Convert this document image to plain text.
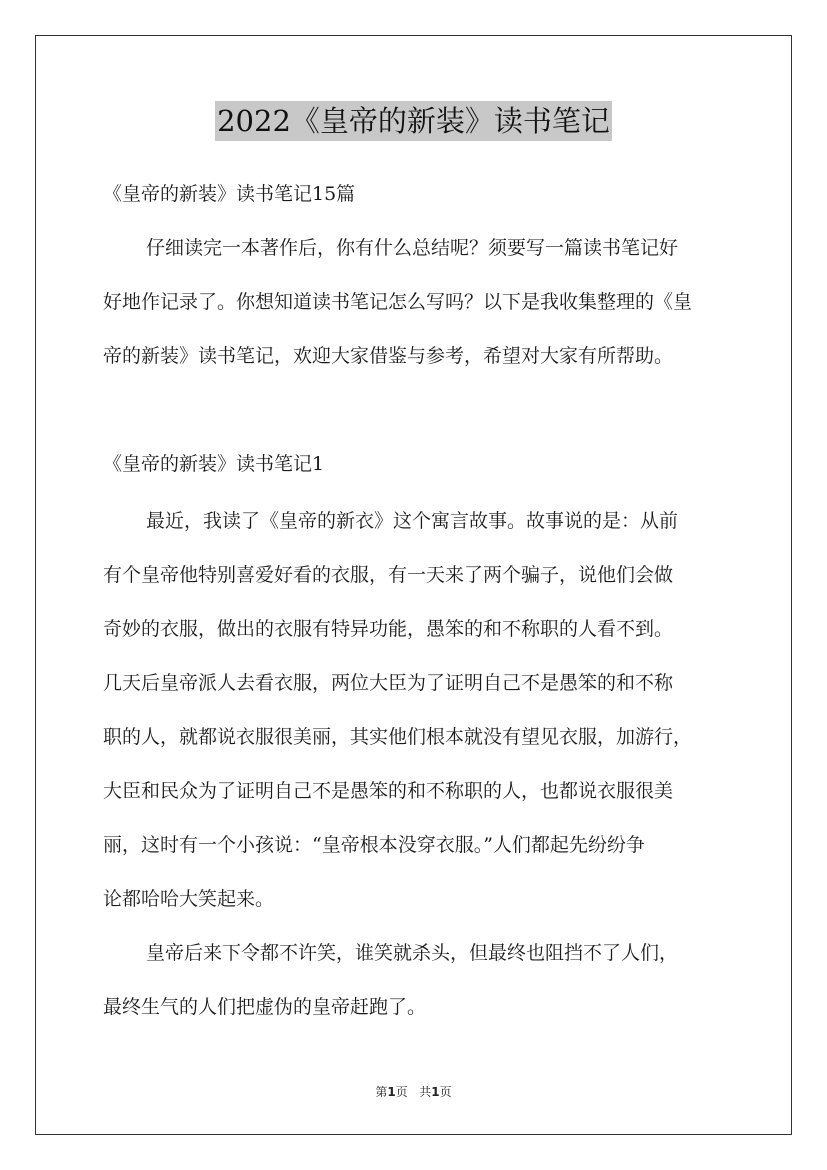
2022《皇帝的新装》读书笔记
《皇帝的新装》读书笔记15篇
仔细读完一本著作后，你有什么总结呢？须要写一篇读书笔记好
好地作记录了。你想知道读书笔记怎么写吗？以下是我收集整理的《皇
帝的新装》读书笔记，欢迎大家借鉴与参考，希望对大家有所帮助。
《皇帝的新装》读书笔记1
最近，我读了《皇帝的新衣》这个寓言故事。故事说的是：从前
有个皇帝他特别喜爱好看的衣服，有一天来了两个骗子，说他们会做
奇妙的衣服，做出的衣服有特异功能，愚笨的和不称职的人看不到。
几天后皇帝派人去看衣服，两位大臣为了证明自己不是愚笨的和不称
职的人，就都说衣服很美丽，其实他们根本就没有望见衣服，加游行，
大臣和民众为了证明自己不是愚笨的和不称职的人，也都说衣服很美
丽，这时有一个小孩说：“皇帝根本没穿衣服。”人们都起先纷纷争
论都哈哈大笑起来。
皇帝后来下令都不许笑，谁笑就杀头，但最终也阻挡不了人们，
最终生气的人们把虚伪的皇帝赶跑了。
第1页 共1页
